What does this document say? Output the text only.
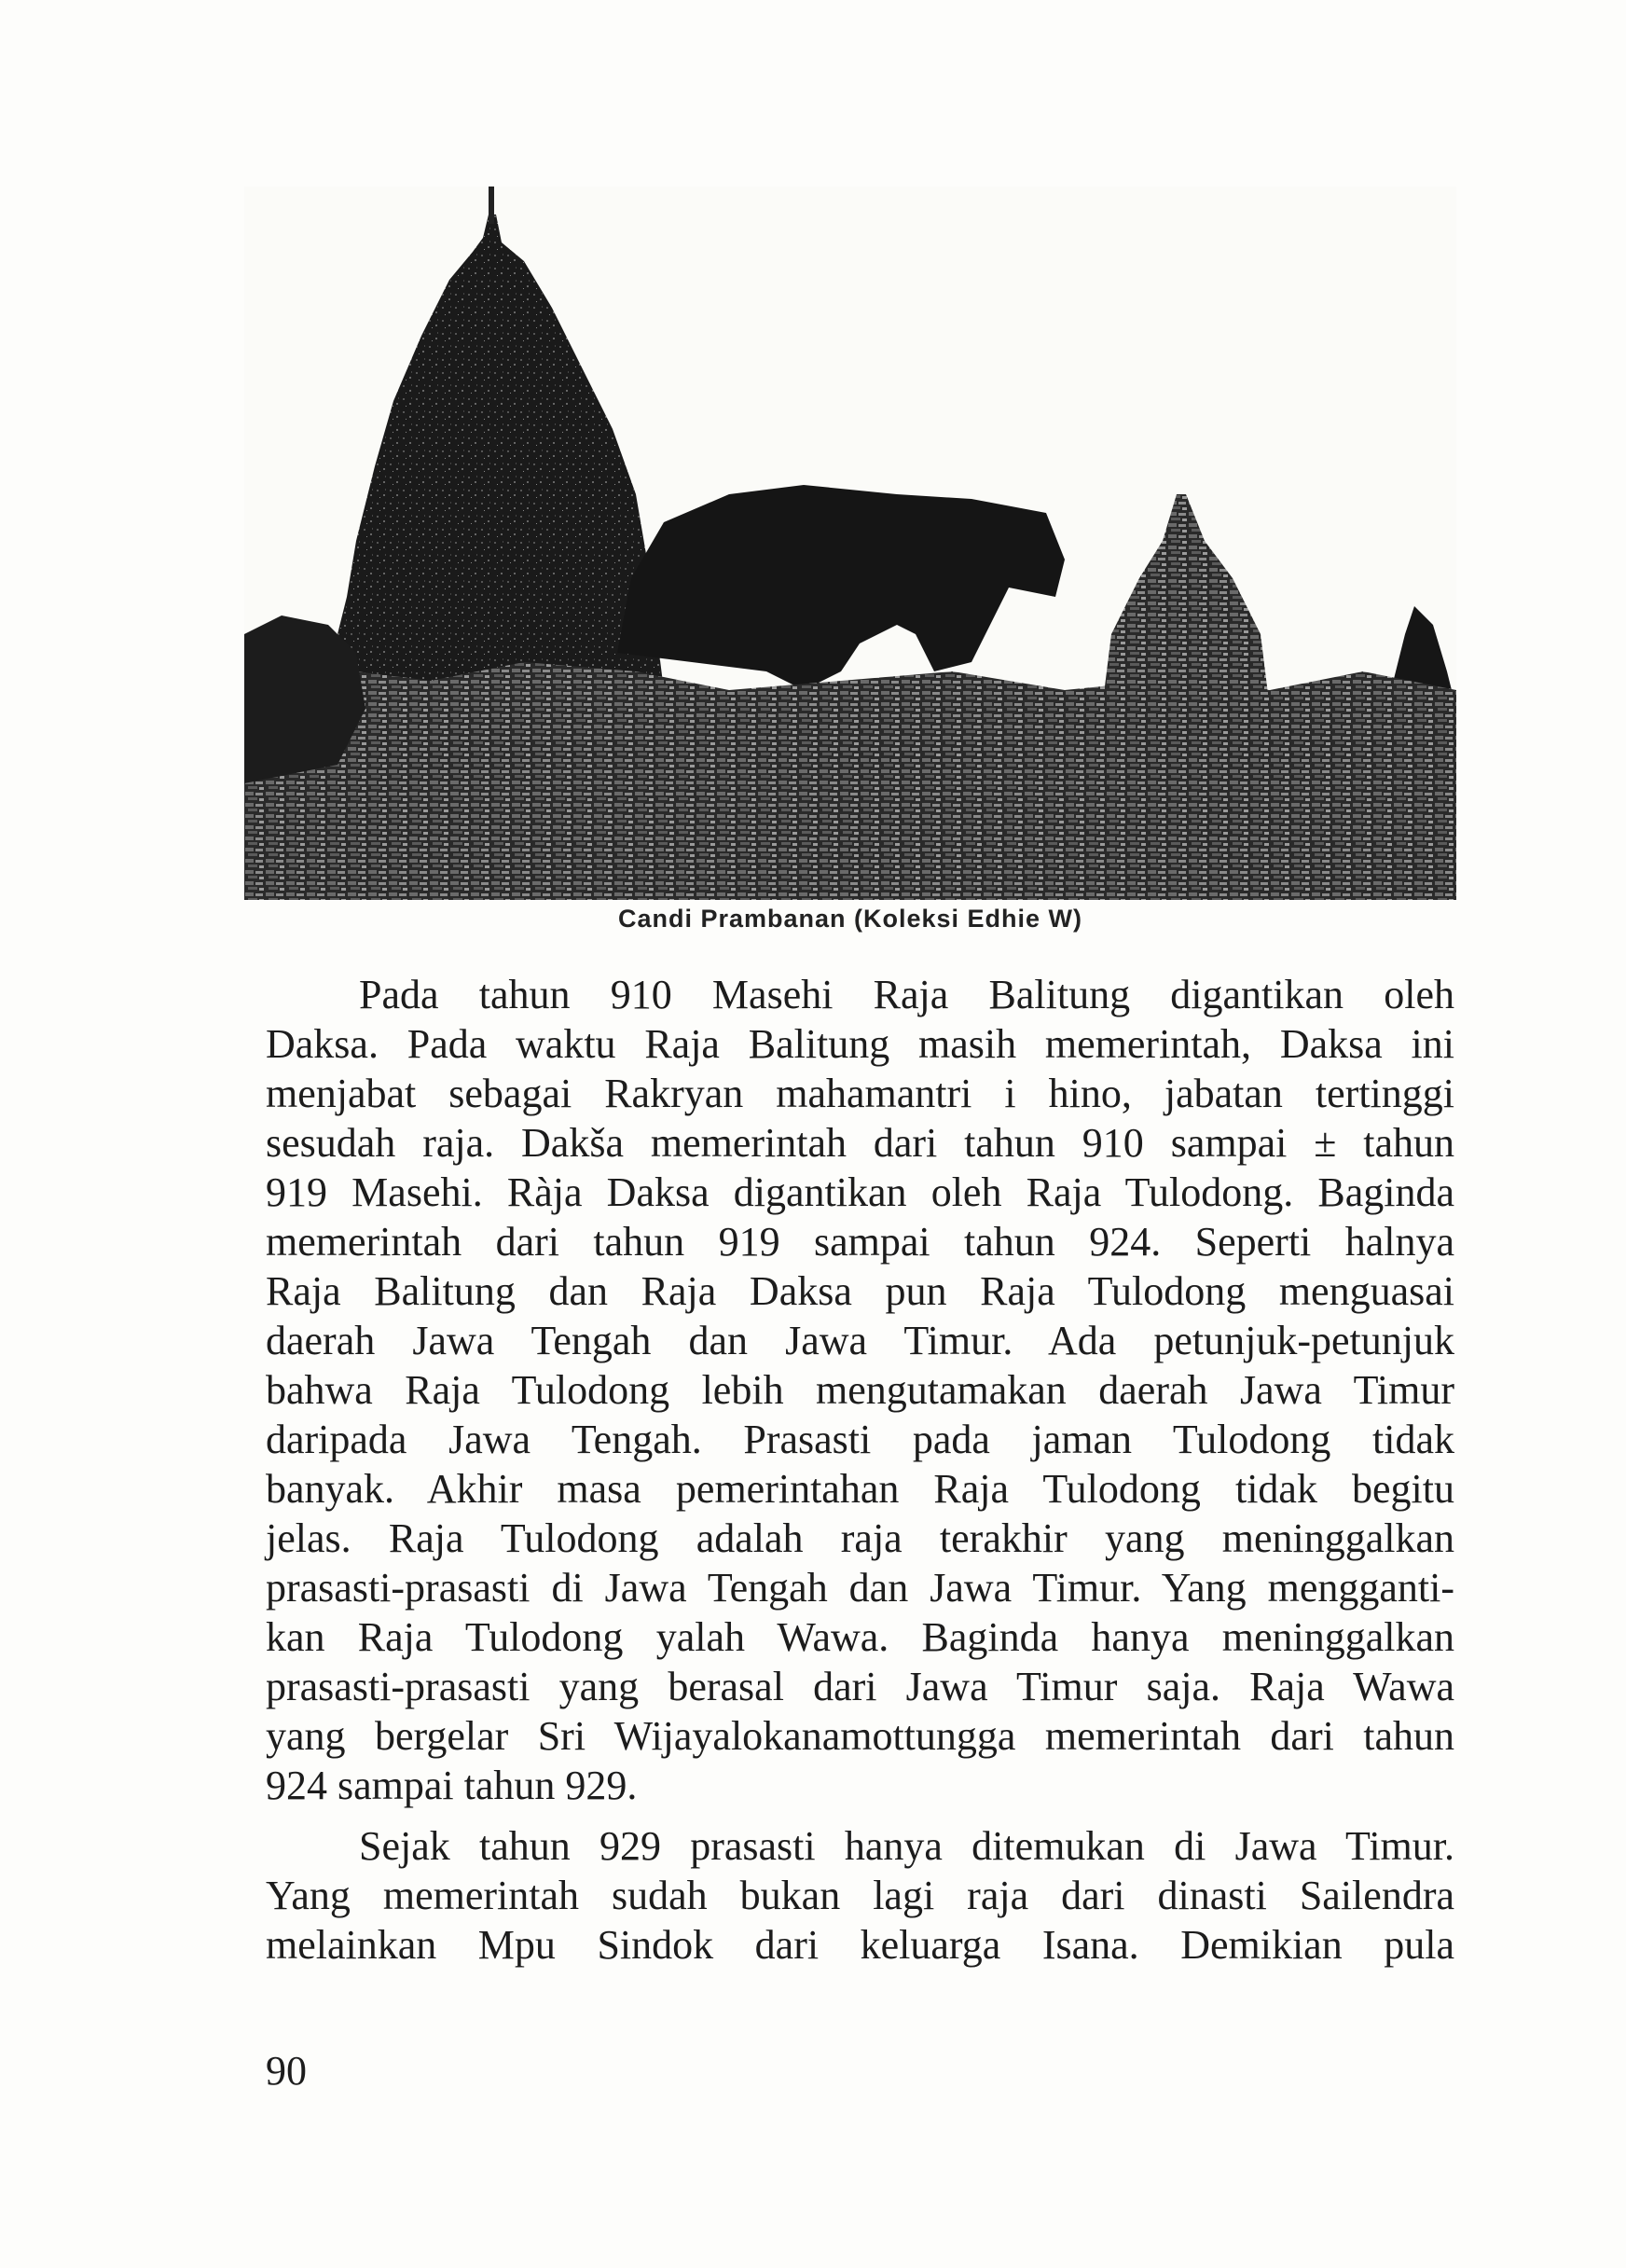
Candi Prambanan (Koleksi Edhie W)
Pada tahun 910 Masehi Raja Balitung digantikan oleh
Daksa. Pada waktu Raja Balitung masih memerintah, Daksa ini
menjabat sebagai Rakryan mahamantri i hino, jabatan tertinggi
sesudah raja. Dakša memerintah dari tahun 910 sampai ± tahun
919 Masehi. Ràja Daksa digantikan oleh Raja Tulodong. Baginda
memerintah dari tahun 919 sampai tahun 924. Seperti halnya
Raja Balitung dan Raja Daksa pun Raja Tulodong menguasai
daerah Jawa Tengah dan Jawa Timur. Ada petunjuk-petunjuk
bahwa Raja Tulodong lebih mengutamakan daerah Jawa Timur
daripada Jawa Tengah. Prasasti pada jaman Tulodong tidak
banyak. Akhir masa pemerintahan Raja Tulodong tidak begitu
jelas. Raja Tulodong adalah raja terakhir yang meninggalkan
prasasti-prasasti di Jawa Tengah dan Jawa Timur. Yang mengganti-
kan Raja Tulodong yalah Wawa. Baginda hanya meninggalkan
prasasti-prasasti yang berasal dari Jawa Timur saja. Raja Wawa
yang bergelar Sri Wijayalokanamottungga memerintah dari tahun
924 sampai tahun 929.
Sejak tahun 929 prasasti hanya ditemukan di Jawa Timur.
Yang memerintah sudah bukan lagi raja dari dinasti Sailendra
melainkan Mpu Sindok dari keluarga Isana. Demikian pula
90
